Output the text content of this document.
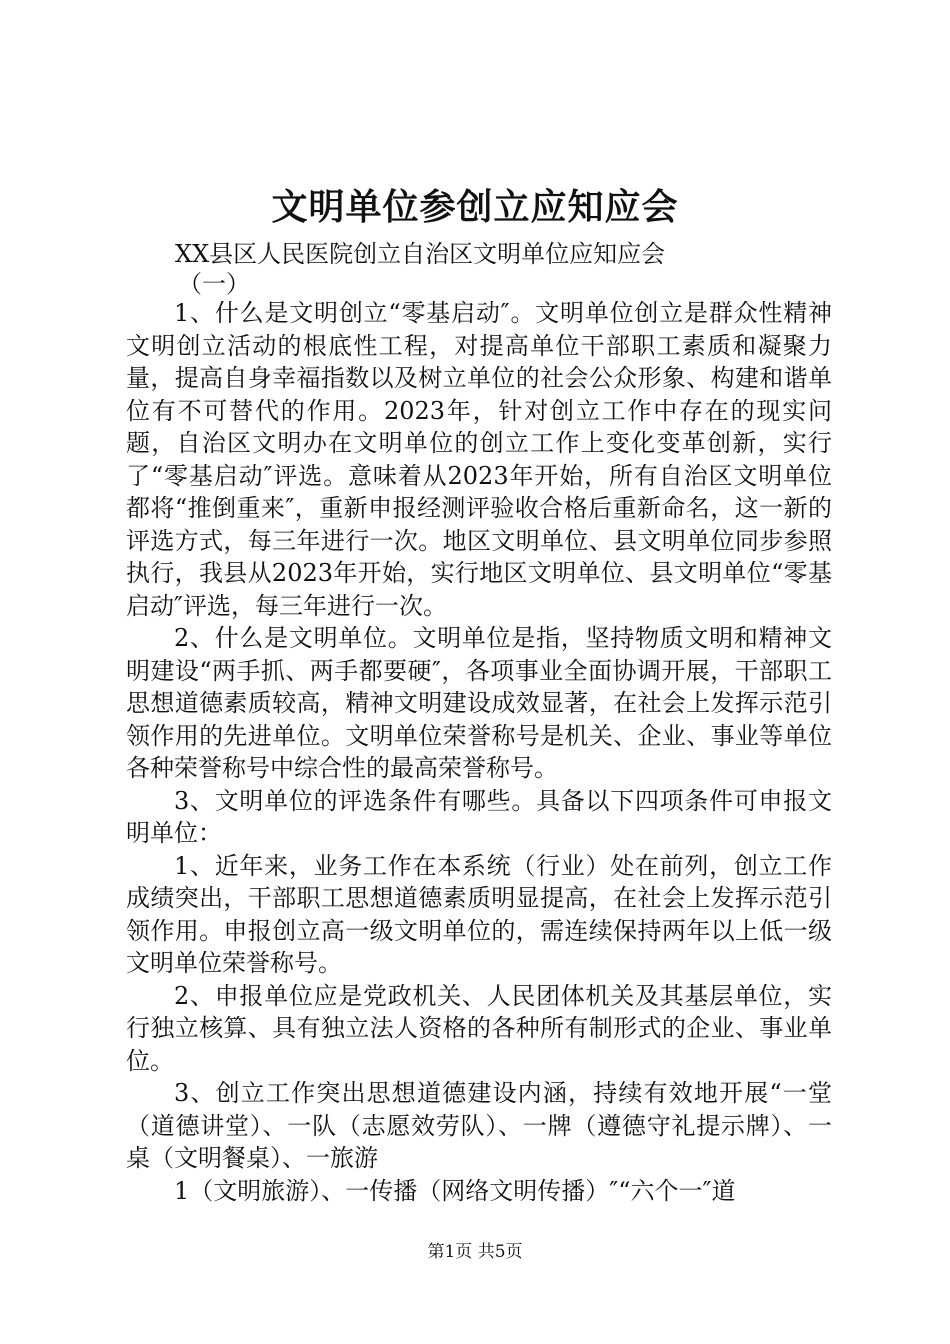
文明单位参创立应知应会
XX县区人民医院创立自治区文明单位应知应会
（一）

1、什么是文明创立“零基启动″。文明单位创立是群众性精神文明创立活动的根底性工程，对提高单位干部职工素质和凝聚力量，提高自身幸福指数以及树立单位的社会公众形象、构建和谐单位有不可替代的作用。2023年，针对创立工作中存在的现实问题，自治区文明办在文明单位的创立工作上变化变革创新，实行了“零基启动″评选。意味着从2023年开始，所有自治区文明单位都将“推倒重来″，重新申报经测评验收合格后重新命名，这一新的评选方式，每三年进行一次。地区文明单位、县文明单位同步参照执行，我县从2023年开始，实行地区文明单位、县文明单位“零基启动″评选，每三年进行一次。

2、什么是文明单位。文明单位是指，坚持物质文明和精神文明建设“两手抓、两手都要硬″，各项事业全面协调开展，干部职工思想道德素质较高，精神文明建设成效显著，在社会上发挥示范引领作用的先进单位。文明单位荣誉称号是机关、企业、事业等单位各种荣誉称号中综合性的最高荣誉称号。

3、文明单位的评选条件有哪些。具备以下四项条件可申报文明单位：

1、近年来，业务工作在本系统（行业）处在前列，创立工作成绩突出，干部职工思想道德素质明显提高，在社会上发挥示范引领作用。申报创立高一级文明单位的，需连续保持两年以上低一级文明单位荣誉称号。

2、申报单位应是党政机关、人民团体机关及其基层单位，实行独立核算、具有独立法人资格的各种所有制形式的企业、事业单位。

3、创立工作突出思想道德建设内涵，持续有效地开展“一堂（道德讲堂）、一队（志愿效劳队）、一牌（遵德守礼提示牌）、一桌（文明餐桌）、一旅游

1（文明旅游）、一传播（网络文明传播）″“六个一″道

第1页 共5页
